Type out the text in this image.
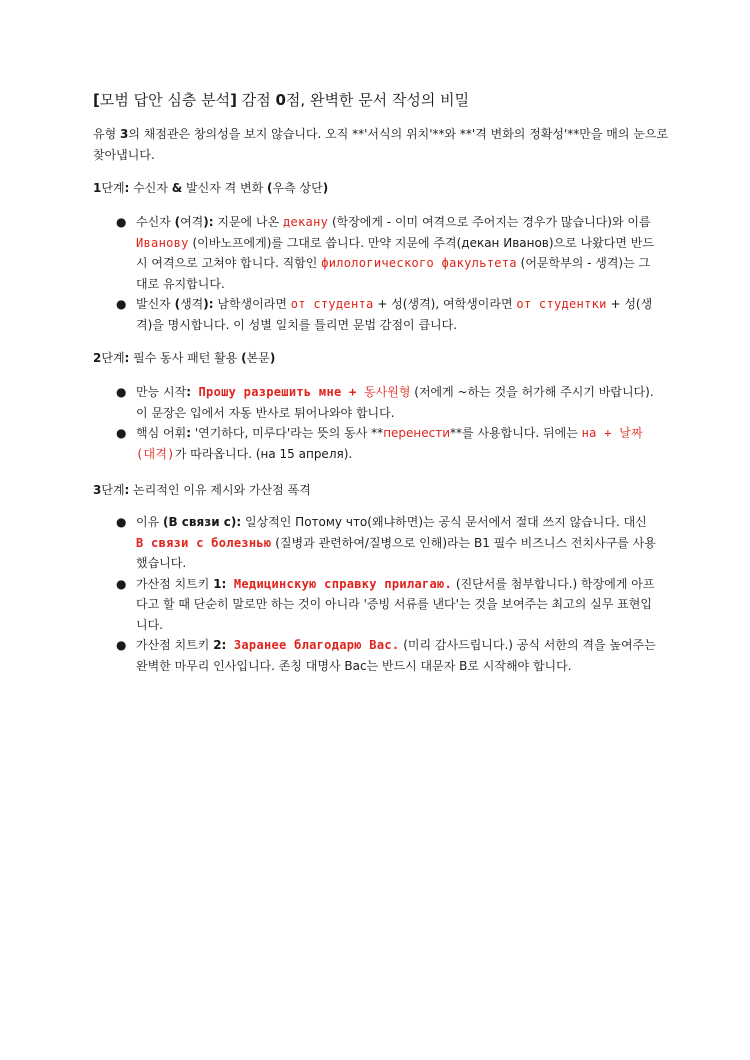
[모범 답안 심층 분석] 감점 0점, 완벽한 문서 작성의 비밀

유형 3의 채점관은 창의성을 보지 않습니다. 오직 **'서식의 위치'**와 **'격 변화의 정확성'**만을 매의 눈으로 찾아냅니다.

1단계: 수신자 & 발신자 격 변화 (우측 상단)
● 수신자 (여격): 지문에 나온 декану (학장에게 - 이미 여격으로 주어지는 경우가 많습니다)와 이름 Иванову (이바노프에게)를 그대로 씁니다. 만약 지문에 주격(декан Иванов)으로 나왔다면 반드시 여격으로 고쳐야 합니다. 직함인 филологического факультета (어문학부의 - 생격)는 그대로 유지합니다.
● 발신자 (생격): 남학생이라면 от студента + 성(생격), 여학생이라면 от студентки + 성(생격)을 명시합니다. 이 성별 일치를 틀리면 문법 감점이 큽니다.
2단계: 필수 동사 패턴 활용 (본문)
● 만능 시작: Прошу разрешить мне + 동사원형 (저에게 ~하는 것을 허가해 주시기 바랍니다). 이 문장은 입에서 자동 반사로 튀어나와야 합니다.
● 핵심 어휘: '연기하다, 미루다'라는 뜻의 동사 **перенести**를 사용합니다. 뒤에는 на + 날짜(대격)가 따라옵니다. (на 15 апреля).
3단계: 논리적인 이유 제시와 가산점 폭격
● 이유 (В связи с): 일상적인 Потому что(왜냐하면)는 공식 문서에서 절대 쓰지 않습니다. 대신 В связи с болезнью (질병과 관련하여/질병으로 인해)라는 B1 필수 비즈니스 전치사구를 사용했습니다.
● 가산점 치트키 1: Медицинскую справку прилагаю. (진단서를 첨부합니다.) 학장에게 아프다고 할 때 단순히 말로만 하는 것이 아니라 '증빙 서류를 낸다'는 것을 보여주는 최고의 실무 표현입니다.
● 가산점 치트키 2: Заранее благодарю Вас. (미리 감사드립니다.) 공식 서한의 격을 높여주는 완벽한 마무리 인사입니다. 존칭 대명사 Вас는 반드시 대문자 В로 시작해야 합니다.
